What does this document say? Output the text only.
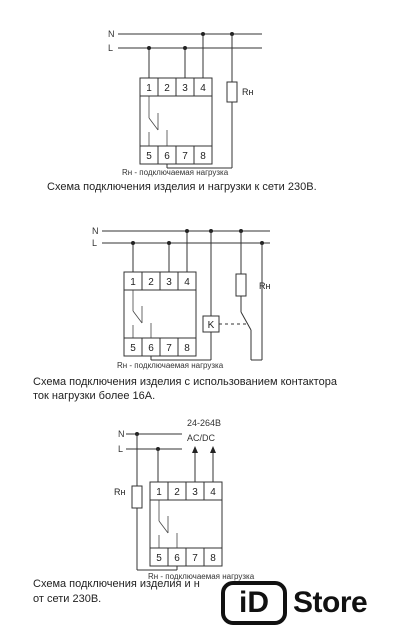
N
L
1 2 3 4
5 6 7 8
Rн
Rн - подключаемая нагрузка
N
L
1 2 3 4
5 6 7 8
K
Rн
Rн - подключаемая нагрузка
N
L
24-264В
AC/DC
1 2 3 4
5 6 7 8
Rн
Rн - подключаемая нагрузка
Схема подключения изделия и нагрузки к сети 230В.
Схема подключения изделия с использованием контактора
ток нагрузки более 16А.
Схема подключения изделия и н
от сети 230В.	iD Store
